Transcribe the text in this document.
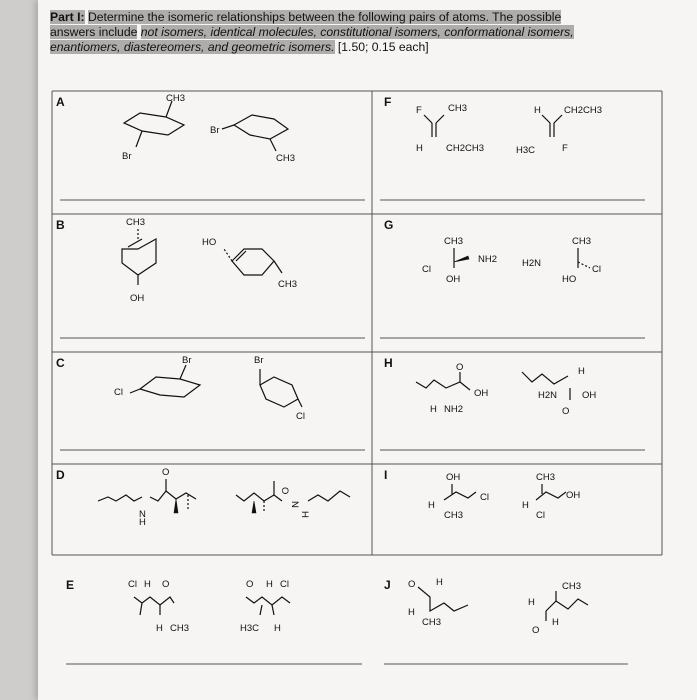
Part I: Determine the isomeric relationships between the following pairs of atoms. The possible
answers include not isomers, identical molecules, constitutional isomers, conformational isomers,
enantiomers, diastereomers, and geometric isomers. [1.50; 0.15 each]
A
B
C
D
E
F
G
H
I
J
CH3
Br
Br
CH3
CH3
OH
HO
CH3
Br
Cl
Br
Cl
N
H
O
O
N
H
Cl H O
H CH3
O H Cl
H3C H
F	CH3
H CH2CH3
H CH2CH3
H3C	F
CH3
Cl
NH2
OH
CH3
H2N
Cl
HO
O
OH
H NH2
H
H2N	OH
O
OH
H
Cl
CH3
CH3
H
OH
Cl
O H
H
CH3
CH3
H
O
H
